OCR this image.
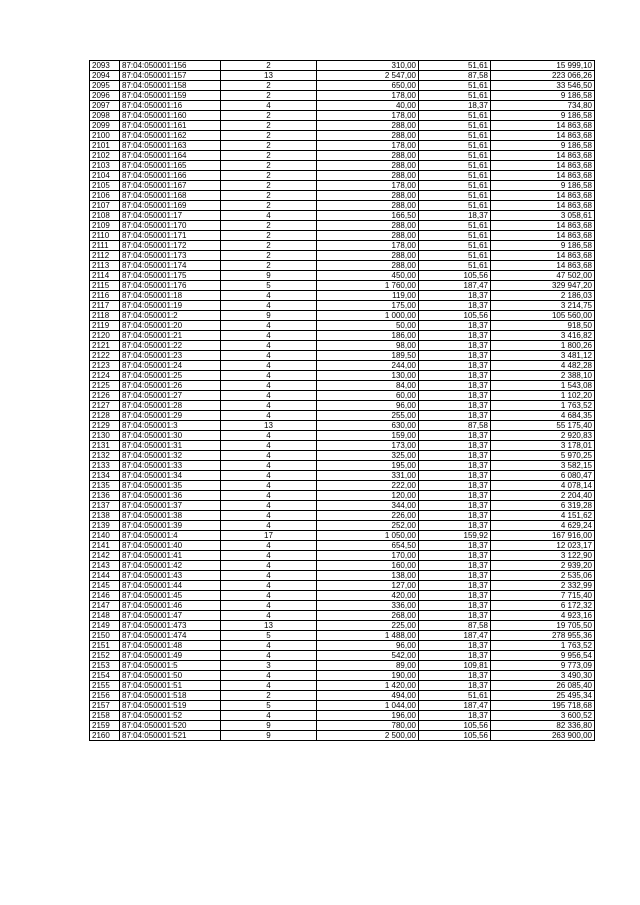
2093	87:04:050001:156	2	310,00	51,61	15 999,10
2094	87:04:050001:157	13	2 547,00	87,58	223 066,26
2095	87:04:050001:158	2	650,00	51,61	33 546,50
2096	87:04:050001:159	2	178,00	51,61	9 186,58
2097	87:04:050001:16	4	40,00	18,37	734,80
2098	87:04:050001:160	2	178,00	51,61	9 186,58
2099	87:04:050001:161	2	288,00	51,61	14 863,68
2100	87:04:050001:162	2	288,00	51,61	14 863,68
2101	87:04:050001:163	2	178,00	51,61	9 186,58
2102	87:04:050001:164	2	288,00	51,61	14 863,68
2103	87:04:050001:165	2	288,00	51,61	14 863,68
2104	87:04:050001:166	2	288,00	51,61	14 863,68
2105	87:04:050001:167	2	178,00	51,61	9 186,58
2106	87:04:050001:168	2	288,00	51,61	14 863,68
2107	87:04:050001:169	2	288,00	51,61	14 863,68
2108	87:04:050001:17	4	166,50	18,37	3 058,61
2109	87:04:050001:170	2	288,00	51,61	14 863,68
2110	87:04:050001:171	2	288,00	51,61	14 863,68
2111	87:04:050001:172	2	178,00	51,61	9 186,58
2112	87:04:050001:173	2	288,00	51,61	14 863,68
2113	87:04:050001:174	2	288,00	51,61	14 863,68
2114	87:04:050001:175	9	450,00	105,56	47 502,00
2115	87:04:050001:176	5	1 760,00	187,47	329 947,20
2116	87:04:050001:18	4	119,00	18,37	2 186,03
2117	87:04:050001:19	4	175,00	18,37	3 214,75
2118	87:04:050001:2	9	1 000,00	105,56	105 560,00
2119	87:04:050001:20	4	50,00	18,37	918,50
2120	87:04:050001:21	4	186,00	18,37	3 416,82
2121	87:04:050001:22	4	98,00	18,37	1 800,26
2122	87:04:050001:23	4	189,50	18,37	3 481,12
2123	87:04:050001:24	4	244,00	18,37	4 482,28
2124	87:04:050001:25	4	130,00	18,37	2 388,10
2125	87:04:050001:26	4	84,00	18,37	1 543,08
2126	87:04:050001:27	4	60,00	18,37	1 102,20
2127	87:04:050001:28	4	96,00	18,37	1 763,52
2128	87:04:050001:29	4	255,00	18,37	4 684,35
2129	87:04:050001:3	13	630,00	87,58	55 175,40
2130	87:04:050001:30	4	159,00	18,37	2 920,83
2131	87:04:050001:31	4	173,00	18,37	3 178,01
2132	87:04:050001:32	4	325,00	18,37	5 970,25
2133	87:04:050001:33	4	195,00	18,37	3 582,15
2134	87:04:050001:34	4	331,00	18,37	6 080,47
2135	87:04:050001:35	4	222,00	18,37	4 078,14
2136	87:04:050001:36	4	120,00	18,37	2 204,40
2137	87:04:050001:37	4	344,00	18,37	6 319,28
2138	87:04:050001:38	4	226,00	18,37	4 151,62
2139	87:04:050001:39	4	252,00	18,37	4 629,24
2140	87:04:050001:4	17	1 050,00	159,92	167 916,00
2141	87:04:050001:40	4	654,50	18,37	12 023,17
2142	87:04:050001:41	4	170,00	18,37	3 122,90
2143	87:04:050001:42	4	160,00	18,37	2 939,20
2144	87:04:050001:43	4	138,00	18,37	2 535,06
2145	87:04:050001:44	4	127,00	18,37	2 332,99
2146	87:04:050001:45	4	420,00	18,37	7 715,40
2147	87:04:050001:46	4	336,00	18,37	6 172,32
2148	87:04:050001:47	4	268,00	18,37	4 923,16
2149	87:04:050001:473	13	225,00	87,58	19 705,50
2150	87:04:050001:474	5	1 488,00	187,47	278 955,36
2151	87:04:050001:48	4	96,00	18,37	1 763,52
2152	87:04:050001:49	4	542,00	18,37	9 956,54
2153	87:04:050001:5	3	89,00	109,81	9 773,09
2154	87:04:050001:50	4	190,00	18,37	3 490,30
2155	87:04:050001:51	4	1 420,00	18,37	26 085,40
2156	87:04:050001:518	2	494,00	51,61	25 495,34
2157	87:04:050001:519	5	1 044,00	187,47	195 718,68
2158	87:04:050001:52	4	196,00	18,37	3 600,52
2159	87:04:050001:520	9	780,00	105,56	82 336,80
2160	87:04:050001:521	9	2 500,00	105,56	263 900,00
